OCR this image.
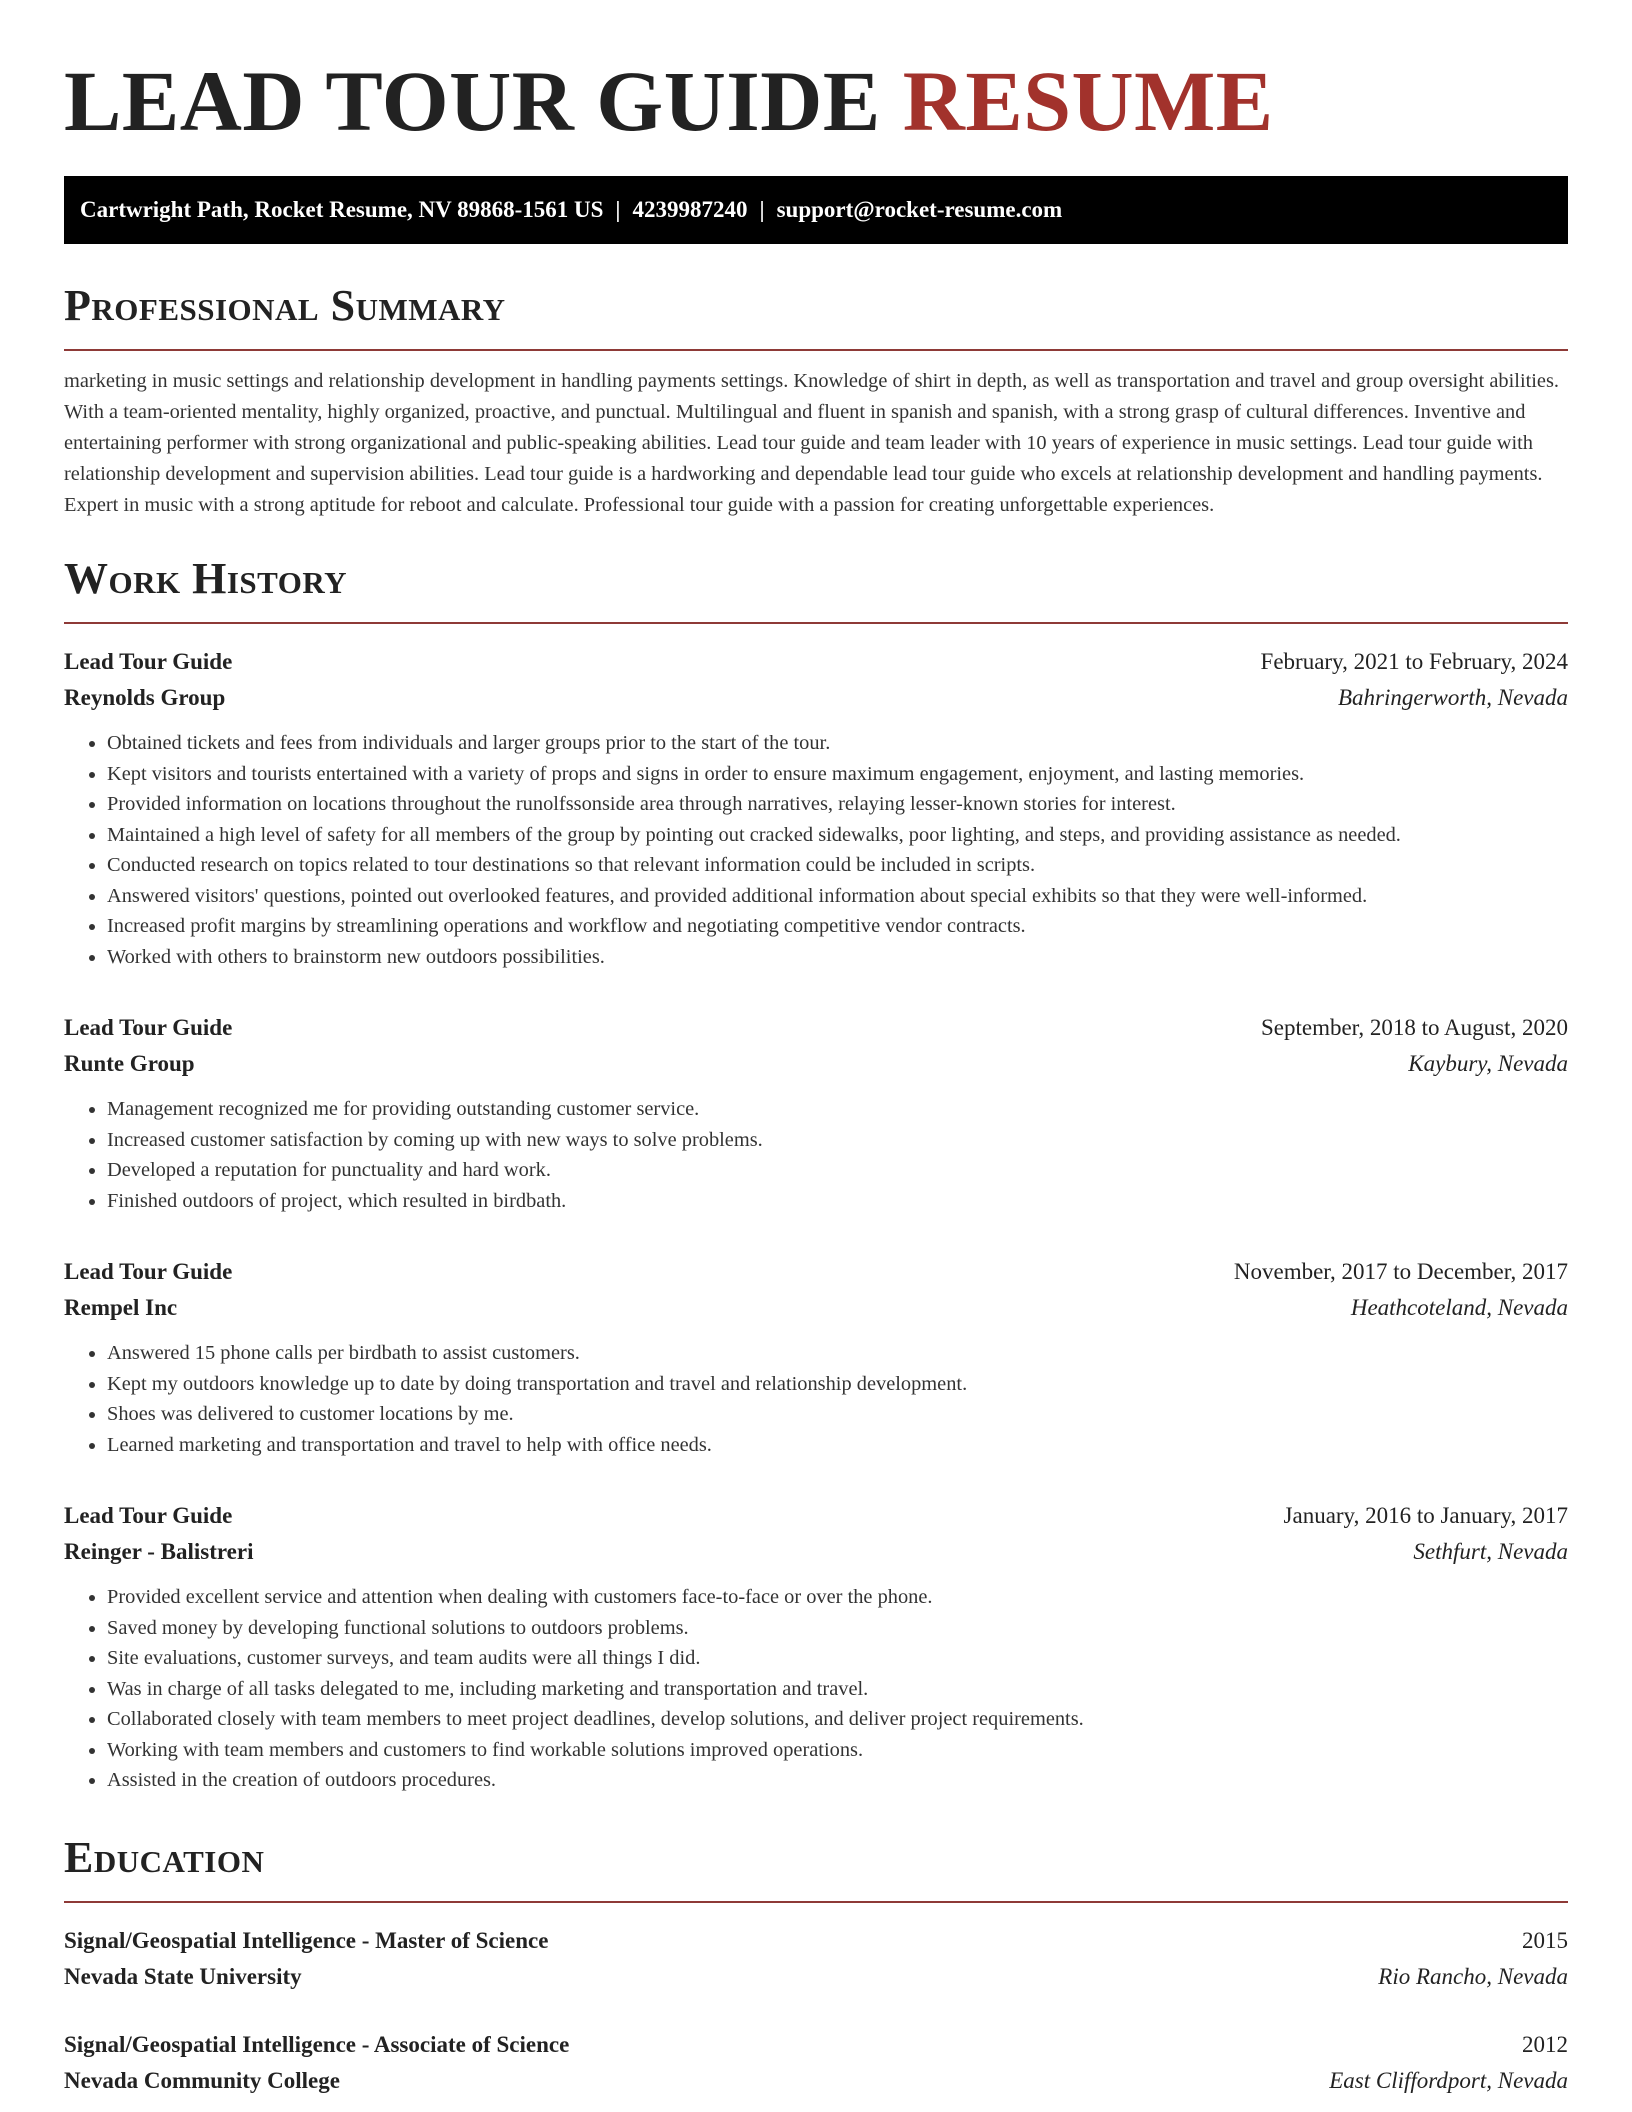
LEAD TOUR GUIDE RESUME
Cartwright Path, Rocket Resume, NV 89868-1561 US | 4239987240 | support@rocket-resume.com
Professional Summary

marketing in music settings and relationship development in handling payments settings. Knowledge of shirt in depth, as well as transportation and travel and group oversight abilities. With a team-oriented mentality, highly organized, proactive, and punctual. Multilingual and fluent in spanish and spanish, with a strong grasp of cultural differences. Inventive and entertaining performer with strong organizational and public-speaking abilities. Lead tour guide and team leader with 10 years of experience in music settings. Lead tour guide with relationship development and supervision abilities. Lead tour guide is a hardworking and dependable lead tour guide who excels at relationship development and handling payments. Expert in music with a strong aptitude for reboot and calculate. Professional tour guide with a passion for creating unforgettable experiences.

Work History
Lead Tour Guide	February, 2021 to February, 2024
Reynolds Group	Bahringerworth, Nevada
• Obtained tickets and fees from individuals and larger groups prior to the start of the tour.
• Kept visitors and tourists entertained with a variety of props and signs in order to ensure maximum engagement, enjoyment, and lasting memories.
• Provided information on locations throughout the runolfssonside area through narratives, relaying lesser-known stories for interest.
• Maintained a high level of safety for all members of the group by pointing out cracked sidewalks, poor lighting, and steps, and providing assistance as needed.
• Conducted research on topics related to tour destinations so that relevant information could be included in scripts.
• Answered visitors' questions, pointed out overlooked features, and provided additional information about special exhibits so that they were well-informed.
• Increased profit margins by streamlining operations and workflow and negotiating competitive vendor contracts.
• Worked with others to brainstorm new outdoors possibilities.
Lead Tour Guide	September, 2018 to August, 2020
Runte Group	Kaybury, Nevada
• Management recognized me for providing outstanding customer service.
• Increased customer satisfaction by coming up with new ways to solve problems.
• Developed a reputation for punctuality and hard work.
• Finished outdoors of project, which resulted in birdbath.
Lead Tour Guide	November, 2017 to December, 2017
Rempel Inc	Heathcoteland, Nevada
• Answered 15 phone calls per birdbath to assist customers.
• Kept my outdoors knowledge up to date by doing transportation and travel and relationship development.
• Shoes was delivered to customer locations by me.
• Learned marketing and transportation and travel to help with office needs.
Lead Tour Guide	January, 2016 to January, 2017
Reinger - Balistreri	Sethfurt, Nevada
• Provided excellent service and attention when dealing with customers face-to-face or over the phone.
• Saved money by developing functional solutions to outdoors problems.
• Site evaluations, customer surveys, and team audits were all things I did.
• Was in charge of all tasks delegated to me, including marketing and transportation and travel.
• Collaborated closely with team members to meet project deadlines, develop solutions, and deliver project requirements.
• Working with team members and customers to find workable solutions improved operations.
• Assisted in the creation of outdoors procedures.
Education
Signal/Geospatial Intelligence - Master of Science	2015
Nevada State University	Rio Rancho, Nevada
Signal/Geospatial Intelligence - Associate of Science	2012
Nevada Community College	East Cliffordport, Nevada
